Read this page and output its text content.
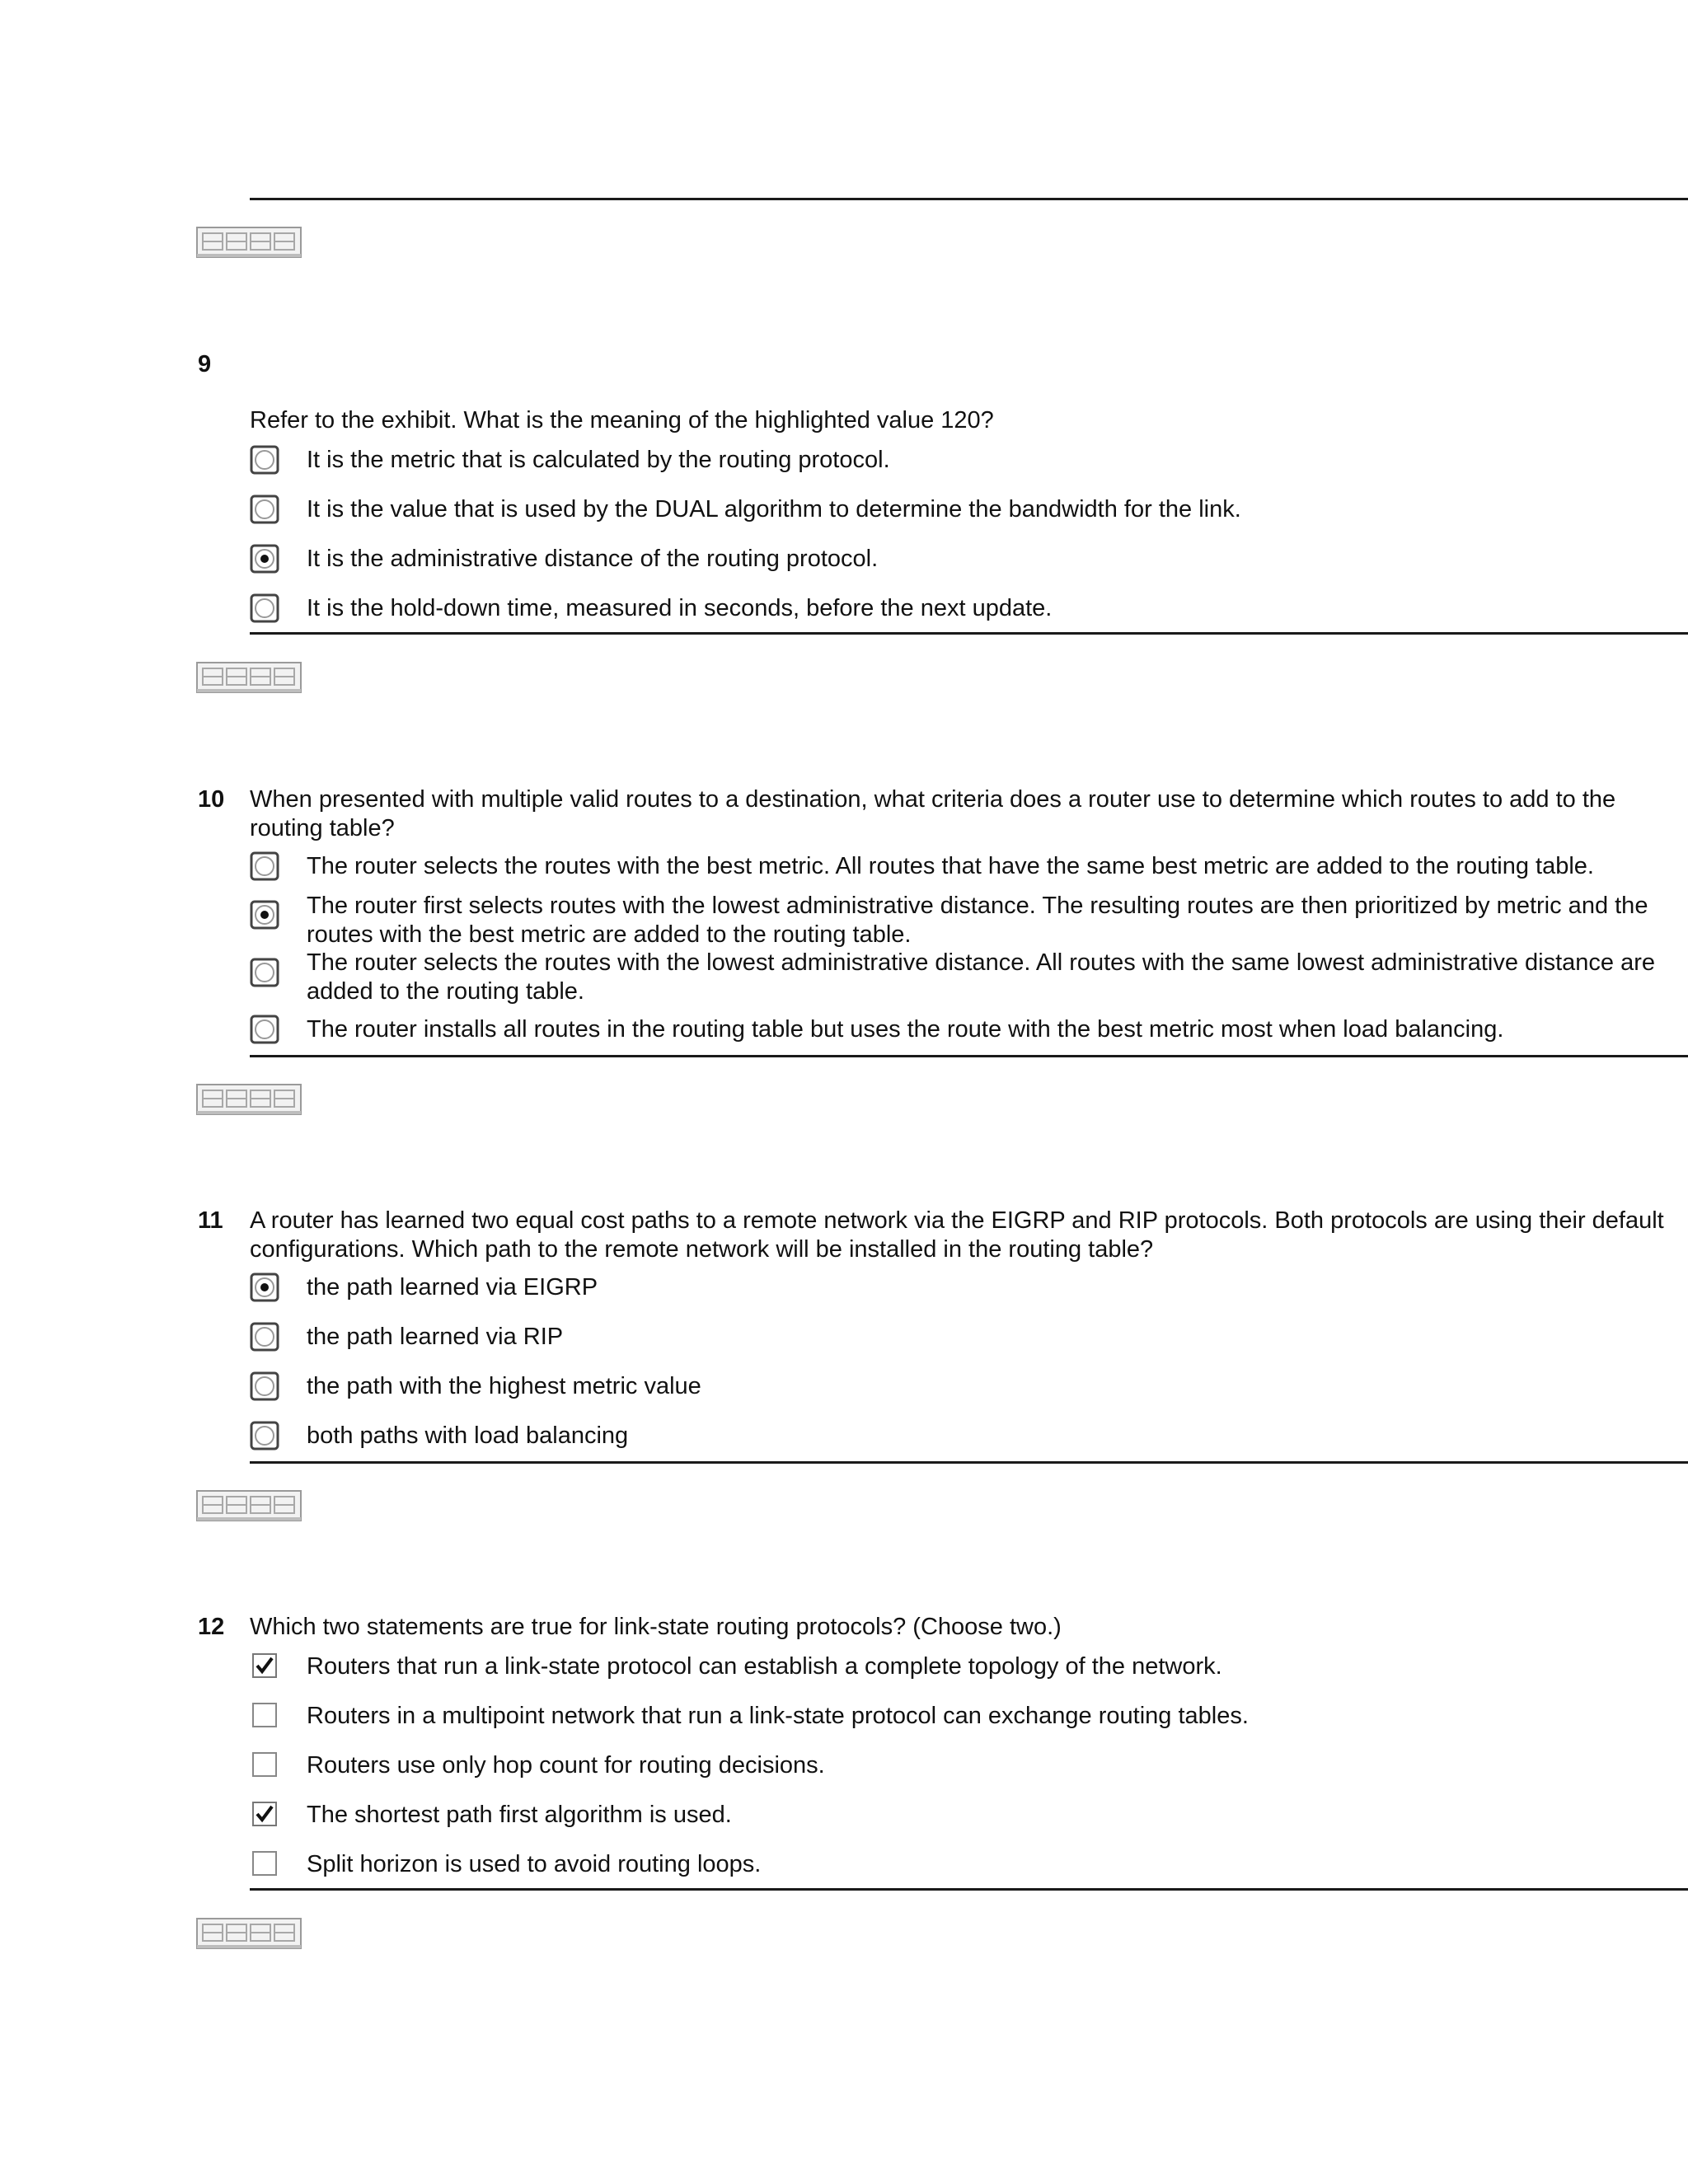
9
Refer to the exhibit. What is the meaning of the highlighted value 120?
It is the metric that is calculated by the routing protocol.
It is the value that is used by the DUAL algorithm to determine the bandwidth for the link.
It is the administrative distance of the routing protocol.
It is the hold-down time, measured in seconds, before the next update.
10 When presented with multiple valid routes to a destination, what criteria does a router use to determine which routes to add to the routing table?
The router selects the routes with the best metric. All routes that have the same best metric are added to the routing table.
The router first selects routes with the lowest administrative distance. The resulting routes are then prioritized by metric and the routes with the best metric are added to the routing table.
The router selects the routes with the lowest administrative distance. All routes with the same lowest administrative distance are added to the routing table.
The router installs all routes in the routing table but uses the route with the best metric most when load balancing.
11 A router has learned two equal cost paths to a remote network via the EIGRP and RIP protocols. Both protocols are using their default configurations. Which path to the remote network will be installed in the routing table?
the path learned via EIGRP
the path learned via RIP
the path with the highest metric value
both paths with load balancing
12 Which two statements are true for link-state routing protocols? (Choose two.)
Routers that run a link-state protocol can establish a complete topology of the network.
Routers in a multipoint network that run a link-state protocol can exchange routing tables.
Routers use only hop count for routing decisions.
The shortest path first algorithm is used.
Split horizon is used to avoid routing loops.
